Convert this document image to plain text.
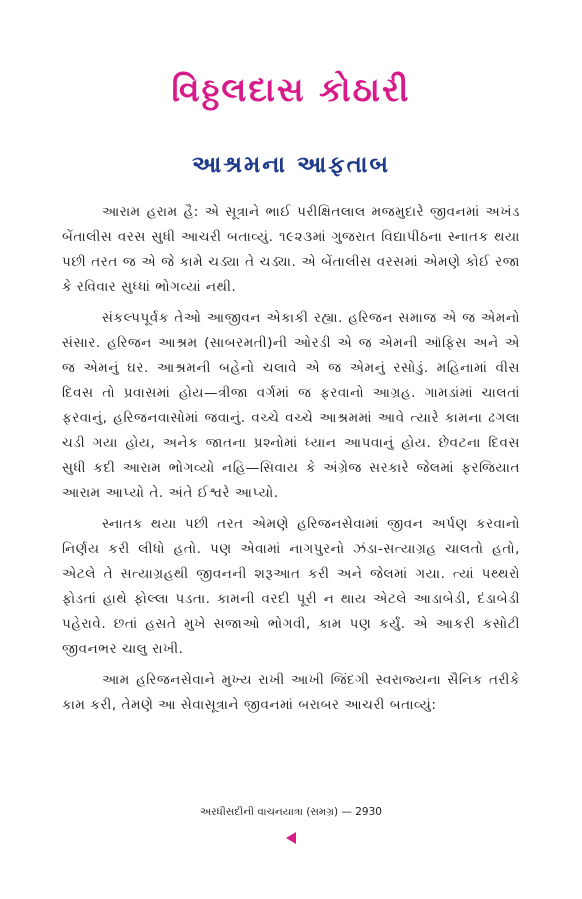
વિઠ્ઠલદાસ કોઠારી
આશ્રમના આફતાબ

આરામ હરામ હૈ: એ સૂત્રાને ભાઈ પરીક્ષિતલાલ મજમુદારે જીવનમાં અખંડ બેંતાલીસ વરસ સુધી આચરી બતાવ્યું. ૧૯૨૩માં ગુજરાત વિદ્યાપીઠના સ્નાતક થયા પછી તરત જ એ જે કામે ચડ્યા તે ચડ્યા. એ બેંતાલીસ વરસમાં એમણે કોઈ રજા કે રવિવાર સુધ્ધાં ભોગવ્યાં નથી.

સંકલ્પપૂર્વક તેઓ આજીવન એકાકી રહ્યા. હરિજન સમાજ એ જ એમનો સંસાર. હરિજન આશ્રમ (સાબરમતી)ની ઓરડી એ જ એમની ઑફિસ અને એ જ એમનું ઘર. આશ્રમની બહેનો ચલાવે એ જ એમનું રસોડું. મહિનામાં વીસ દિવસ તો પ્રવાસમાં હોય—ત્રીજા વર્ગમાં જ ફરવાનો આગ્રહ. ગામડાંમાં ચાલતાં ફરવાનું, હરિજનવાસોમાં જવાનું. વચ્ચે વચ્ચે આશ્રમમાં આવે ત્યારે કામના ઢગલા ચડી ગયા હોય, અનેક જાતના પ્રશ્નોમાં ધ્યાન આપવાનું હોય. છેવટના દિવસ સુધી કદી આરામ ભોગવ્યો નહિ—સિવાય કે અંગ્રેજ સરકારે જેલમાં ફરજિયાત આરામ આપ્યો તે. અંતે ઈશ્વરે આપ્યો.

સ્નાતક થયા પછી તરત એમણે હરિજનસેવામાં જીવન અર્પણ કરવાનો નિર્ણય કરી લીધો હતો. પણ એવામાં નાગપુરનો ઝંડા-સત્યાગ્રહ ચાલતો હતો, એટલે તે સત્યાગ્રહથી જીવનની શરૂઆત કરી અને જેલમાં ગયા. ત્યાં પથ્થરો ફોડતાં હાથે ફોલ્લા પડતા. કામની વરદી પૂરી ન થાય એટલે આડાબેડી, દંડાબેડી પહેરાવે. છતાં હસતે મુખે સજાઓ ભોગવી, કામ પણ કર્યું. એ આકરી કસોટી જીવનભર ચાલુ રાખી.

આમ હરિજનસેવાને મુખ્ય રાખી આખી જિંદગી સ્વરાજ્યના સૈનિક તરીકે કામ કરી, તેમણે આ સેવાસૂત્રાને જીવનમાં બરાબર આચરી બતાવ્યું:

અરધીસદીની વાચનયાત્રા (સમગ્ર) — 2930
